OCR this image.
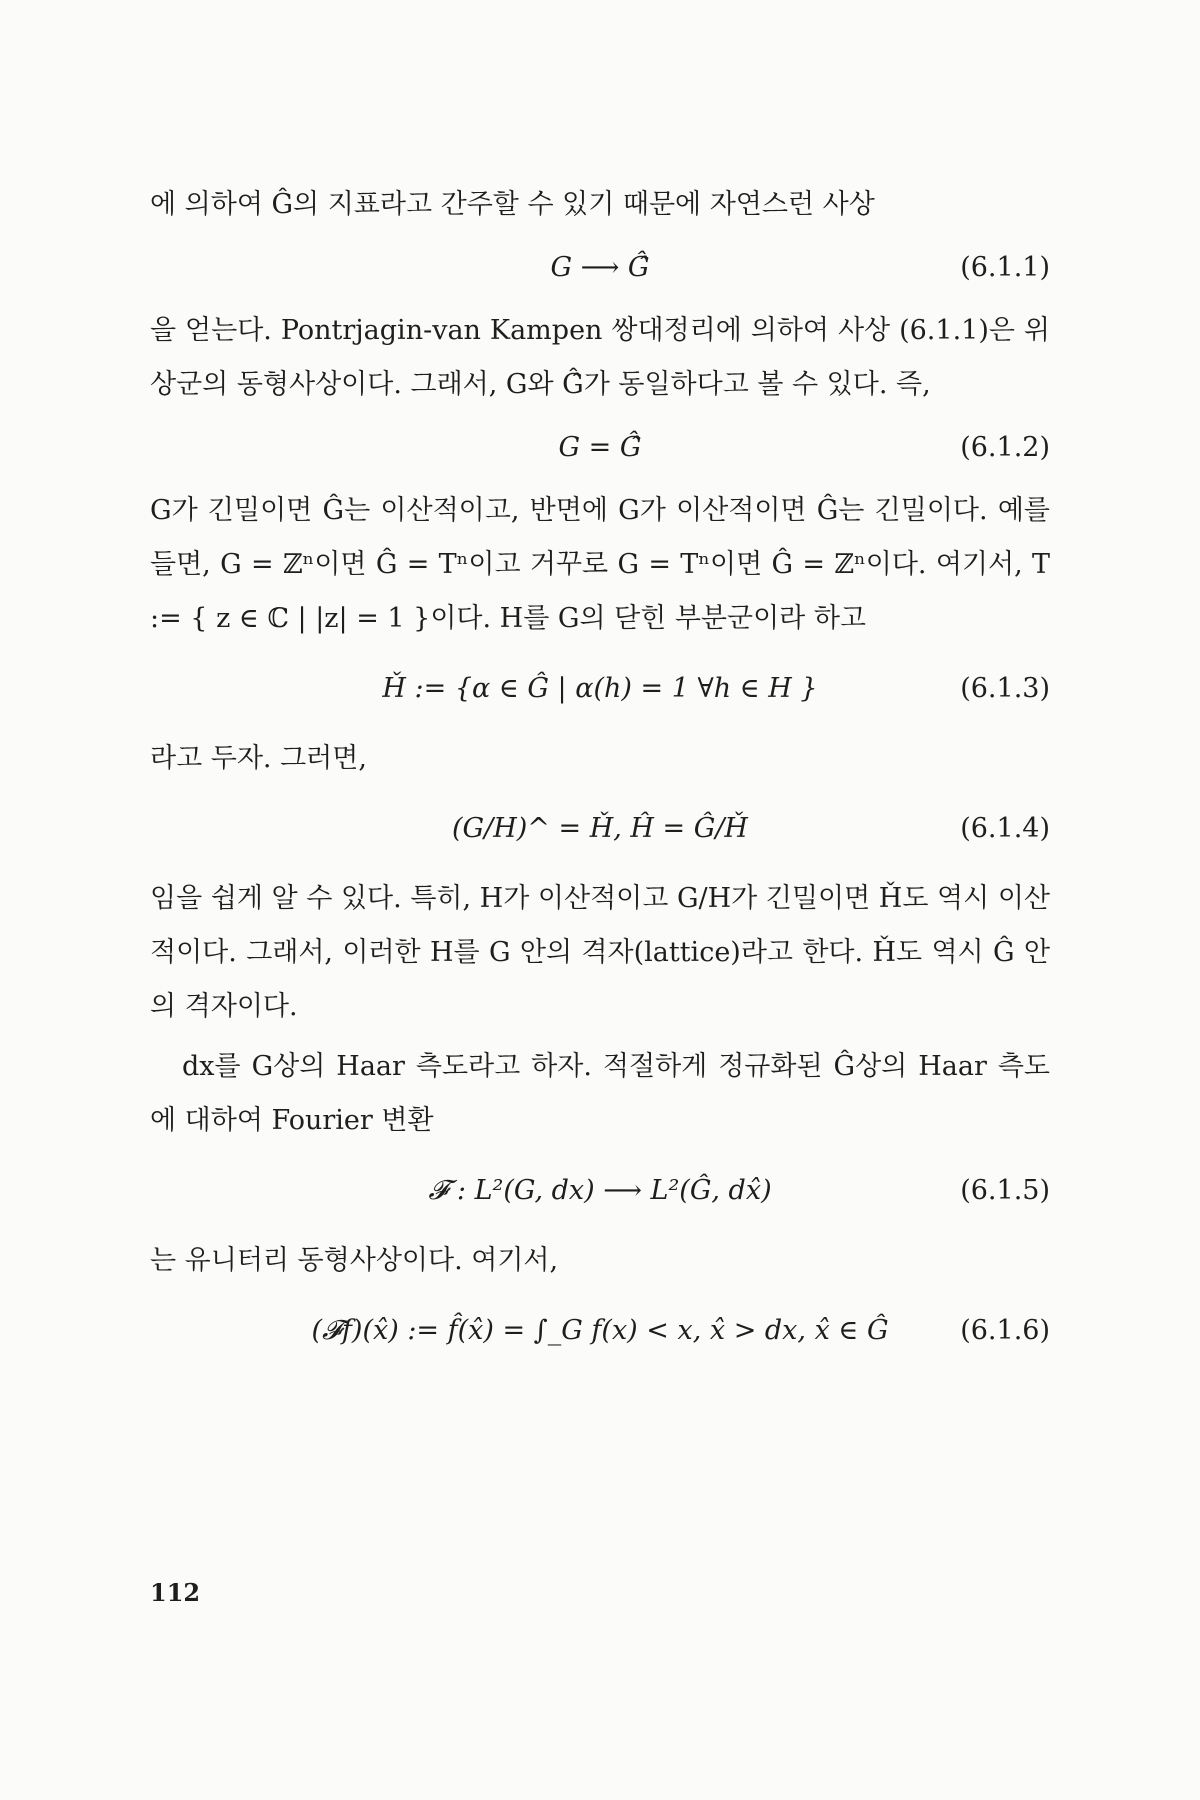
에 의하여 Ĝ의 지표라고 간주할 수 있기 때문에 자연스런 사상

G ⟶ Ĝ̂	(6.1.1)

을 얻는다. Pontrjagin-van Kampen 쌍대정리에 의하여 사상 (6.1.1)은 위상군의 동형사상이다. 그래서, G와 Ĝ̂가 동일하다고 볼 수 있다. 즉,

G = Ĝ̂	(6.1.2)

G가 긴밀이면 Ĝ는 이산적이고, 반면에 G가 이산적이면 Ĝ는 긴밀이다. 예를 들면, G = ℤⁿ이면 Ĝ = Tⁿ이고 거꾸로 G = Tⁿ이면 Ĝ = ℤⁿ이다. 여기서, T := { z ∈ ℂ | |z| = 1 }이다. H를 G의 닫힌 부분군이라 하고

Ȟ := {α ∈ Ĝ | α(h) = 1 ∀h ∈ H }	(6.1.3)

라고 두자. 그러면,

(G/H)^ = Ȟ, Ĥ = Ĝ/Ȟ	(6.1.4)

임을 쉽게 알 수 있다. 특히, H가 이산적이고 G/H가 긴밀이면 Ȟ도 역시 이산적이다. 그래서, 이러한 H를 G 안의 격자(lattice)라고 한다. Ȟ도 역시 Ĝ 안의 격자이다.

dx를 G상의 Haar 측도라고 하자. 적절하게 정규화된 Ĝ상의 Haar 측도에 대하여 Fourier 변환

𝓕 : L²(G, dx) ⟶ L²(Ĝ, dx̂)	(6.1.5)

는 유니터리 동형사상이다. 여기서,

(𝓕f)(x̂) := f̂(x̂) = ∫_G f(x) < x, x̂ > dx, x̂ ∈ Ĝ	(6.1.6)
112
